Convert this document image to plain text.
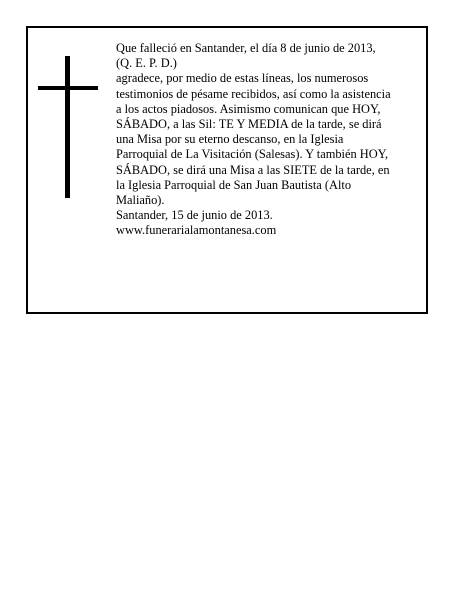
Que falleció en Santander, el día 8 de junio de 2013,
(Q. E. P. D.)
agradece, por medio de estas líneas, los numerosos
testimonios de pésame recibidos, así como la asistencia
a los actos piadosos. Asimismo comunican que HOY,
SÁBADO, a las Sil: TE Y MEDIA de la tarde, se dirá
una Misa por su eterno descanso, en la Iglesia
Parroquial de La Visitación (Salesas). Y también HOY,
SÁBADO, se dirá una Misa a las SIETE de la tarde, en
la Iglesia Parroquial de San Juan Bautista (Alto
Maliaño).
Santander, 15 de junio de 2013.
www.funerarialamontanesa.com
